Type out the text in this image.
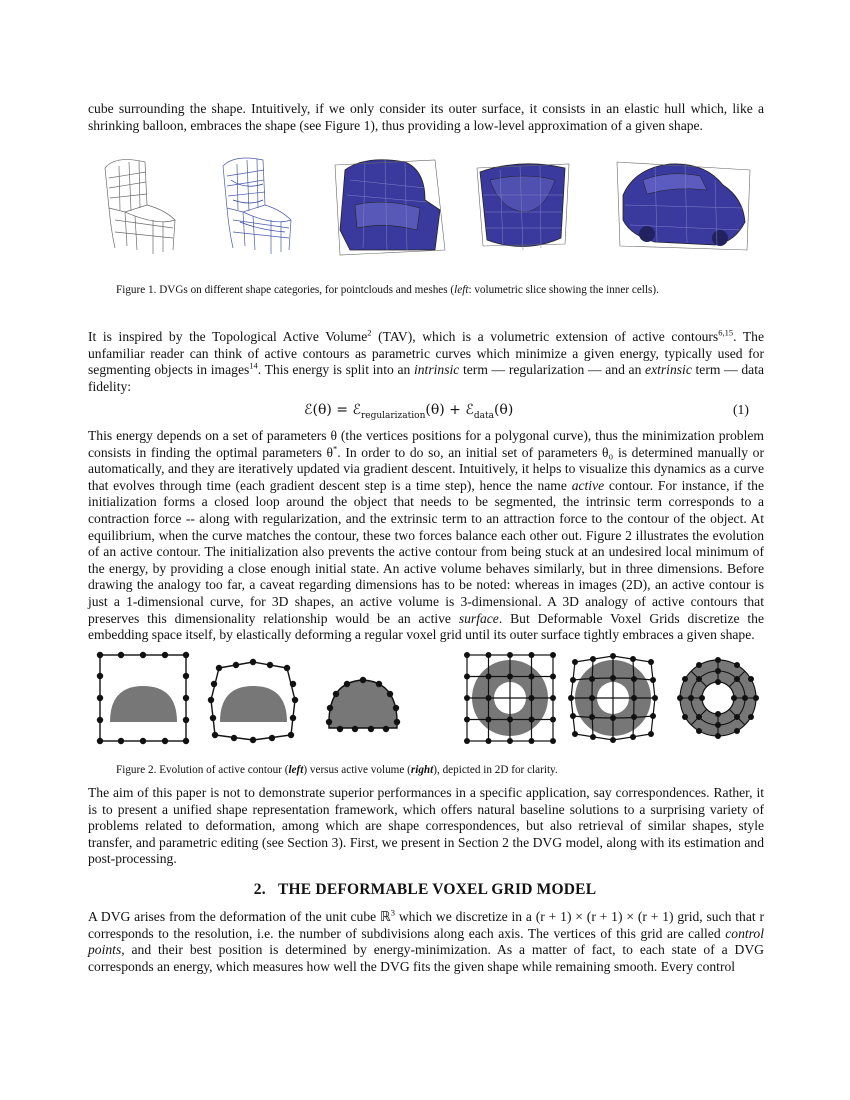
cube surrounding the shape. Intuitively, if we only consider its outer surface, it consists in an elastic hull which, like a shrinking balloon, embraces the shape (see Figure 1), thus providing a low-level approximation of a given shape.

Figure 1. DVGs on different shape categories, for pointclouds and meshes (left: volumetric slice showing the inner cells).

It is inspired by the Topological Active Volume$^2$ (TAV), which is a volumetric extension of active contours$^{6,15}$. The unfamiliar reader can think of active contours as parametric curves which minimize a given energy, typically used for segmenting objects in images$^{14}$. This energy is split into an intrinsic term — regularization — and an extrinsic term — data fidelity:

ℰ(θ) = ℰ$_{regularization}$(θ) + ℰ$_{data}$(θ)	(1)

This energy depends on a set of parameters θ (the vertices positions for a polygonal curve), thus the minimization problem consists in finding the optimal parameters θ*. In order to do so, an initial set of parameters θ₀ is determined manually or automatically, and they are iteratively updated via gradient descent. Intuitively, it helps to visualize this dynamics as a curve that evolves through time (each gradient descent step is a time step), hence the name active contour. For instance, if the initialization forms a closed loop around the object that needs to be segmented, the intrinsic term corresponds to a contraction force -- along with regularization, and the extrinsic term to an attraction force to the contour of the object. At equilibrium, when the curve matches the contour, these two forces balance each other out. Figure 2 illustrates the evolution of an active contour. The initialization also prevents the active contour from being stuck at an undesired local minimum of the energy, by providing a close enough initial state. An active volume behaves similarly, but in three dimensions. Before drawing the analogy too far, a caveat regarding dimensions has to be noted: whereas in images (2D), an active contour is just a 1-dimensional curve, for 3D shapes, an active volume is 3-dimensional. A 3D analogy of active contours that preserves this dimensionality relationship would be an active surface. But Deformable Voxel Grids discretize the embedding space itself, by elastically deforming a regular voxel grid until its outer surface tightly embraces a given shape.

Figure 2. Evolution of active contour (left) versus active volume (right), depicted in 2D for clarity.

The aim of this paper is not to demonstrate superior performances in a specific application, say correspondences. Rather, it is to present a unified shape representation framework, which offers natural baseline solutions to a surprising variety of problems related to deformation, among which are shape correspondences, but also retrieval of similar shapes, style transfer, and parametric editing (see Section 3). First, we present in Section 2 the DVG model, along with its estimation and post-processing.

2. THE DEFORMABLE VOXEL GRID MODEL

A DVG arises from the deformation of the unit cube ℝ$^3$ which we discretize in a (r + 1) × (r + 1) × (r + 1) grid, such that r corresponds to the resolution, i.e. the number of subdivisions along each axis. The vertices of this grid are called control points, and their best position is determined by energy-minimization. As a matter of fact, to each state of a DVG corresponds an energy, which measures how well the DVG fits the given shape while remaining smooth. Every control
